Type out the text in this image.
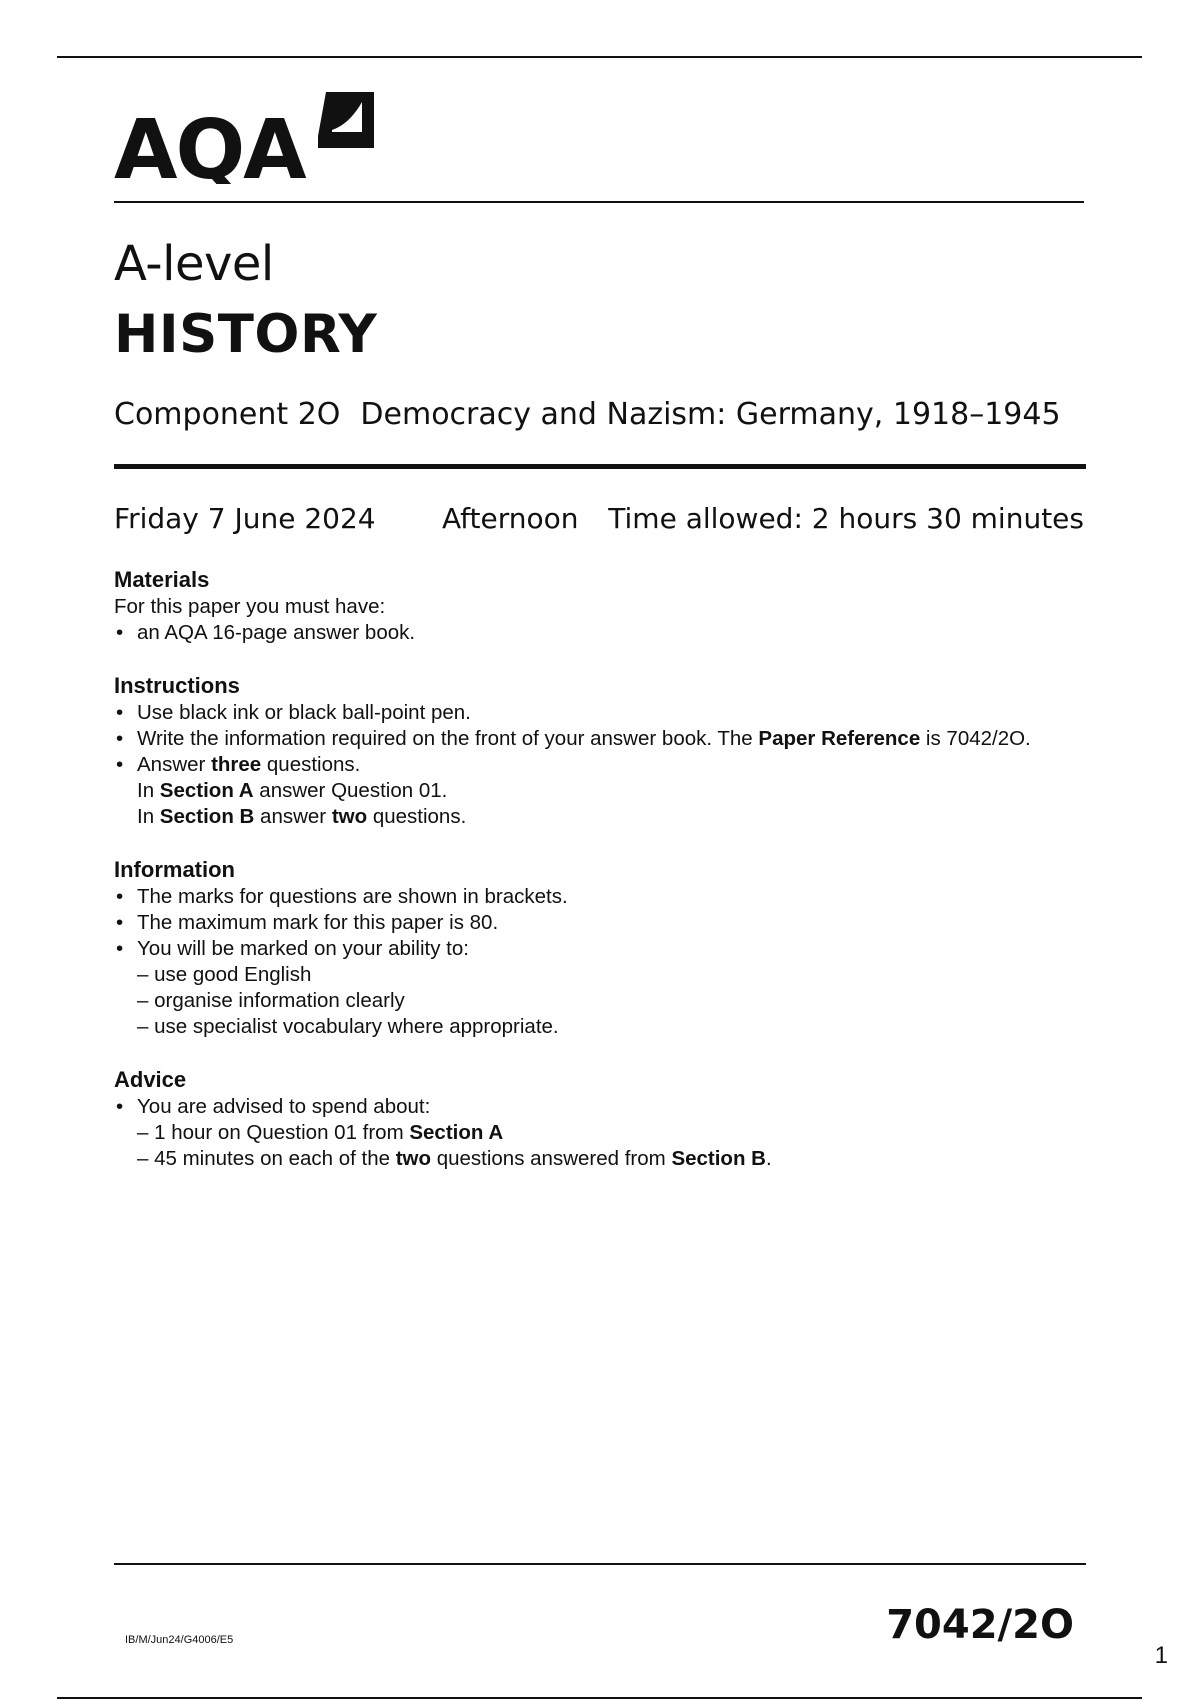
AQA
A-level
HISTORY
Component 2O Democracy and Nazism: Germany, 1918–1945
Friday 7 June 2024 Afternoon Time allowed: 2 hours 30 minutes
Materials
For this paper you must have:
• an AQA 16-page answer book.
Instructions
• Use black ink or black ball-point pen.
• Write the information required on the front of your answer book. The Paper Reference is 7042/2O.
• Answer three questions.
In Section A answer Question 01.
In Section B answer two questions.
Information
• The marks for questions are shown in brackets.
• The maximum mark for this paper is 80.
• You will be marked on your ability to:
– use good English
– organise information clearly
– use specialist vocabulary where appropriate.
Advice
• You are advised to spend about:
– 1 hour on Question 01 from Section A
– 45 minutes on each of the two questions answered from Section B.
IB/M/Jun24/G4006/E5	7042/2O
1
